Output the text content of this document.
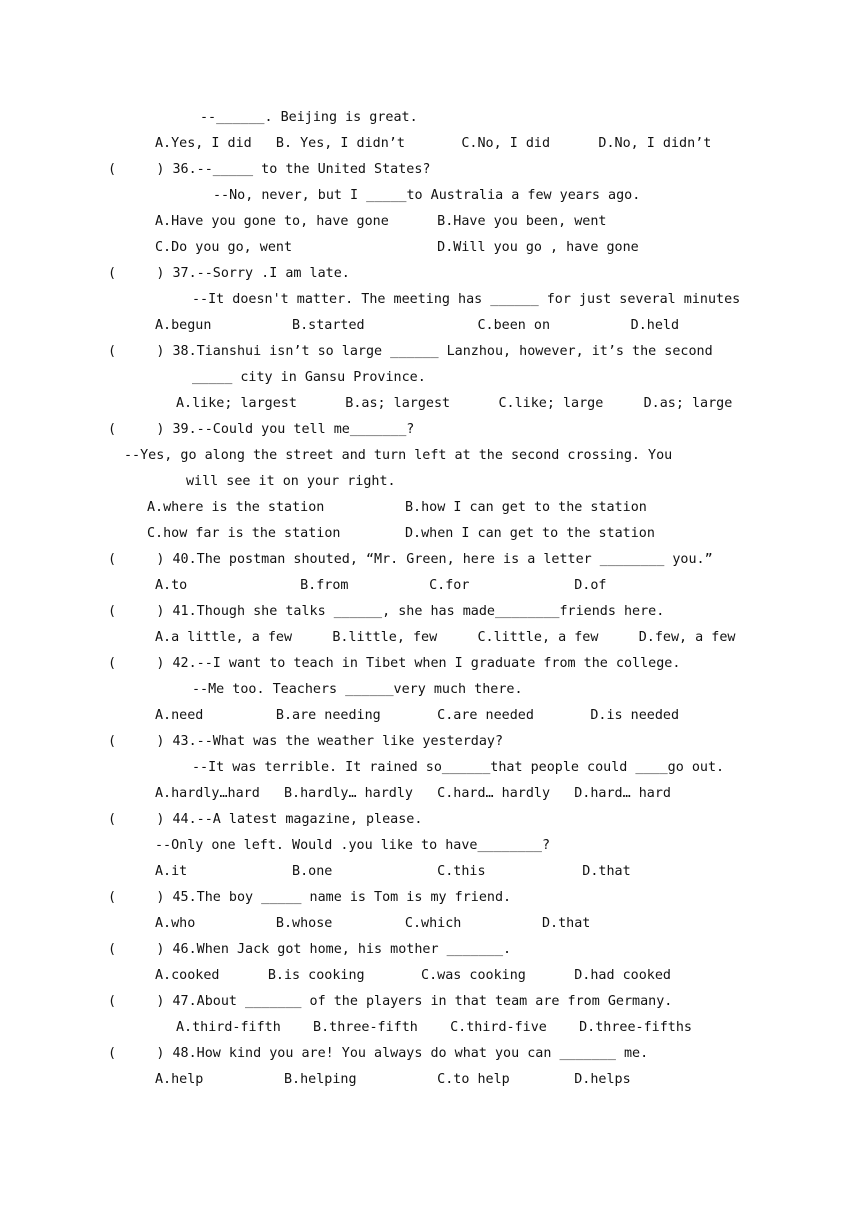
--______. Beijing is great.
A.Yes, I did   B. Yes, I didn’t       C.No, I did      D.No, I didn’t
(     ) 36.--_____ to the United States?
--No, never, but I _____to Australia a few years ago.
A.Have you gone to, have gone      B.Have you been, went
C.Do you go, went                  D.Will you go , have gone
(     ) 37.--Sorry .I am late.
--It doesn't matter. The meeting has ______ for just several minutes
A.begun          B.started              C.been on          D.held
(     ) 38.Tianshui isn’t so large ______ Lanzhou, however, it’s the second
_____ city in Gansu Province.
A.like; largest      B.as; largest      C.like; large     D.as; large
(     ) 39.--Could you tell me_______?
--Yes, go along the street and turn left at the second crossing. You
will see it on your right.
A.where is the station          B.how I can get to the station
C.how far is the station        D.when I can get to the station
(     ) 40.The postman shouted, “Mr. Green, here is a letter ________ you.”
A.to              B.from          C.for             D.of
(     ) 41.Though she talks ______, she has made________friends here.
A.a little, a few     B.little, few     C.little, a few     D.few, a few
(     ) 42.--I want to teach in Tibet when I graduate from the college.
--Me too. Teachers ______very much there.
A.need         B.are needing       C.are needed       D.is needed
(     ) 43.--What was the weather like yesterday?
--It was terrible. It rained so______that people could ____go out.
A.hardly…hard   B.hardly… hardly   C.hard… hardly   D.hard… hard
(     ) 44.--A latest magazine, please.
--Only one left. Would .you like to have________?
A.it             B.one             C.this            D.that
(     ) 45.The boy _____ name is Tom is my friend.
A.who          B.whose         C.which          D.that
(     ) 46.When Jack got home, his mother _______.
A.cooked      B.is cooking       C.was cooking      D.had cooked
(     ) 47.About _______ of the players in that team are from Germany.
A.third-fifth    B.three-fifth    C.third-five    D.three-fifths
(     ) 48.How kind you are! You always do what you can _______ me.
A.help          B.helping          C.to help        D.helps
